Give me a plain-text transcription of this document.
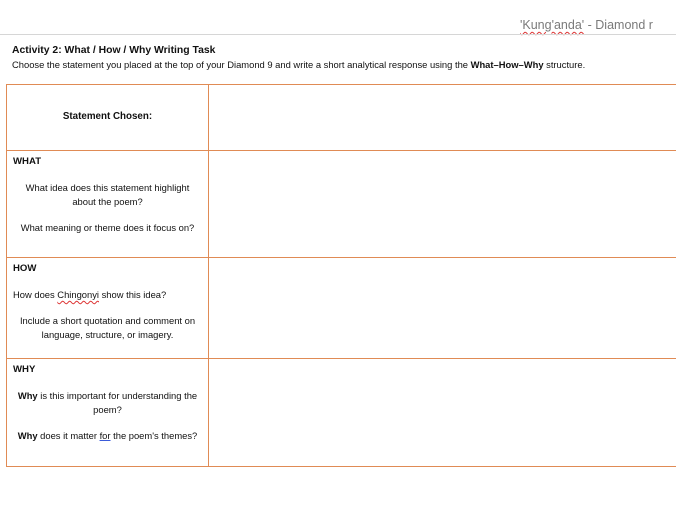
'Kung'anda' - Diamond r
Activity 2: What / How / Why Writing Task
Choose the statement you placed at the top of your Diamond 9 and write a short analytical response using the What–How–Why structure.
Statement Chosen:	

WHAT
What idea does this statement highlight about the poem?
What meaning or theme does it focus on?	

HOW
How does Chingonyi show this idea?
Include a short quotation and comment on language, structure, or imagery.	

WHY
Why is this important for understanding the poem?
Why does it matter for the poem's themes?	
